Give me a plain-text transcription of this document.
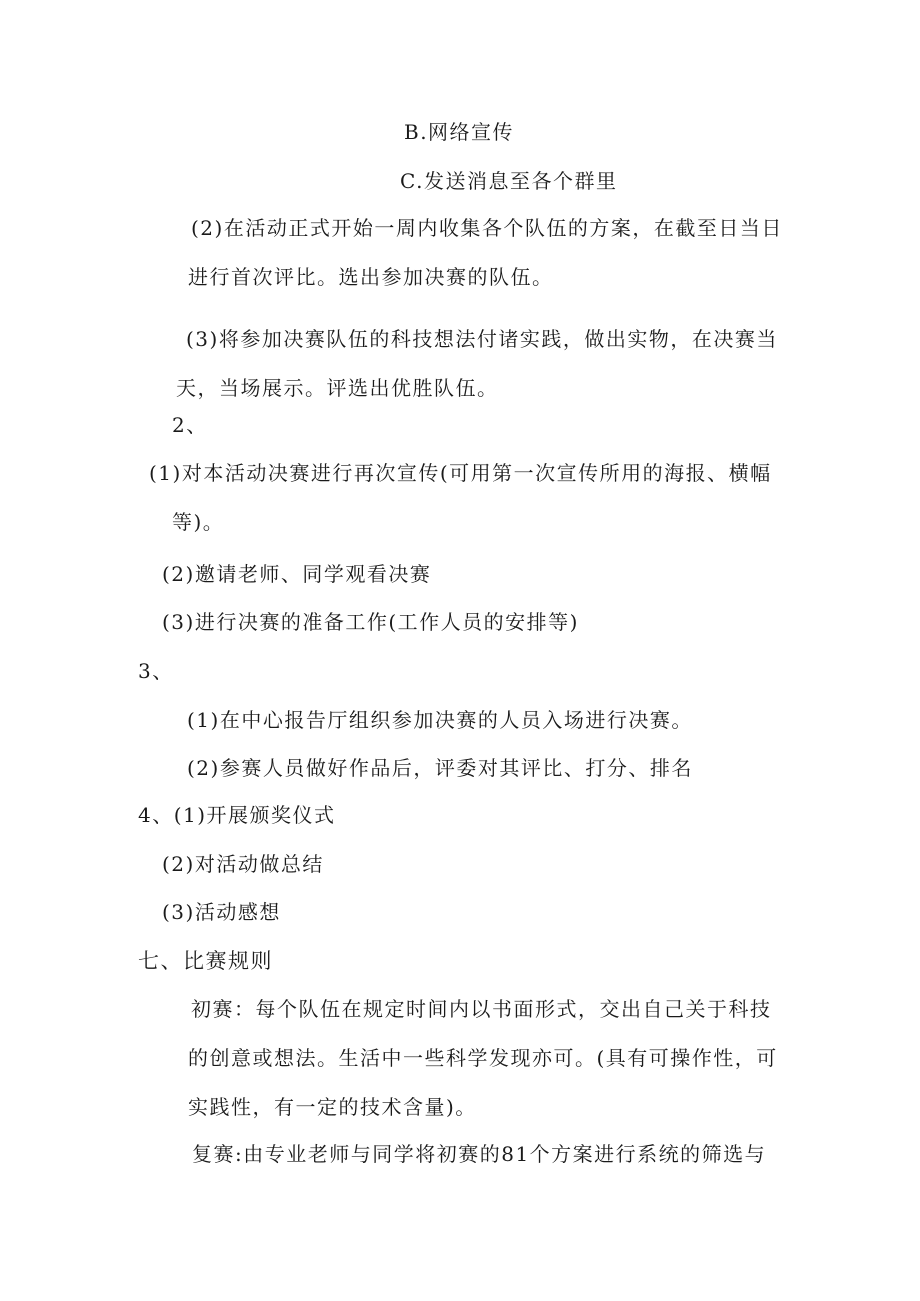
B.网络宣传
C.发送消息至各个群里
(2)在活动正式开始一周内收集各个队伍的方案，在截至日当日进行首次评比。选出参加决赛的队伍。
(3)将参加决赛队伍的科技想法付诸实践，做出实物，在决赛当天，当场展示。评选出优胜队伍。
2、
(1)对本活动决赛进行再次宣传(可用第一次宣传所用的海报、横幅等)。
(2)邀请老师、同学观看决赛
(3)进行决赛的准备工作(工作人员的安排等)
3、
(1)在中心报告厅组织参加决赛的人员入场进行决赛。
(2)参赛人员做好作品后，评委对其评比、打分、排名
4、(1)开展颁奖仪式
(2)对活动做总结
(3)活动感想
七、比赛规则
初赛：每个队伍在规定时间内以书面形式，交出自己关于科技的创意或想法。生活中一些科学发现亦可。(具有可操作性，可实践性，有一定的技术含量)。
复赛:由专业老师与同学将初赛的81个方案进行系统的筛选与
